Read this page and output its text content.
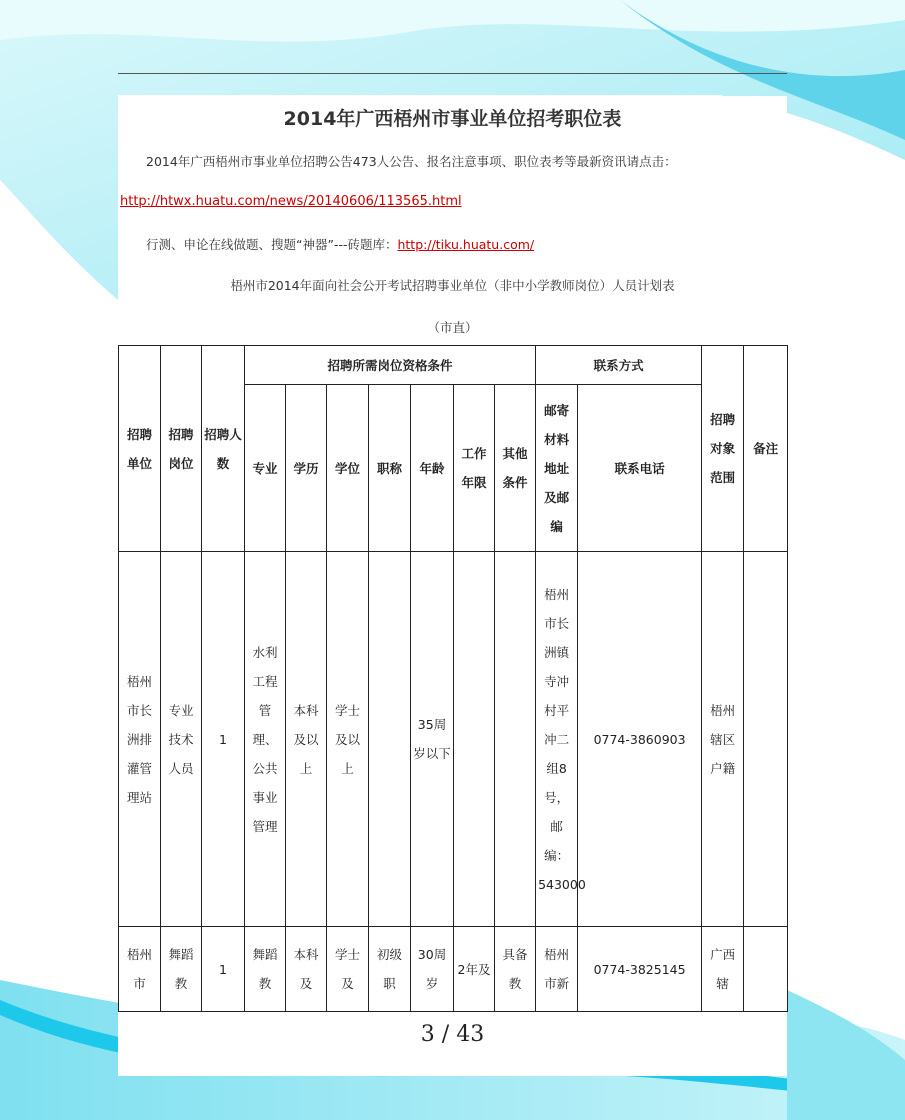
2014年广西梧州市事业单位招考职位表
2014年广西梧州市事业单位招聘公告473人公告、报名注意事项、职位表考等最新资讯请点击：
http://htwx.huatu.com/news/20140606/113565.html
行测、申论在线做题、搜题“神器”---砖题库：http://tiku.huatu.com/
梧州市2014年面向社会公开考试招聘事业单位（非中小学教师岗位）人员计划表
（市直）
招聘单位	招聘岗位	招聘人数	招聘所需岗位资格条件							联系方式		招聘对象范围	备注
			专业	学历	学位	职称	年龄	工作年限	其他条件	邮寄材料地址及邮编	联系电话		
梧州市长洲排灌管理站	专业技术人员	1	水利工程管理、公共事业管理	本科及以上	学士及以上		35周岁以下			梧州市长洲镇寺冲村平冲二组8号，邮编：543000	0774-3860903	梧州辖区户籍	
梧州市	舞蹈教	1	舞蹈教	本科及	学士及	初级职	30周岁	2年及	具备教	梧州市新	0774-3825145	广西辖	
3 / 43
